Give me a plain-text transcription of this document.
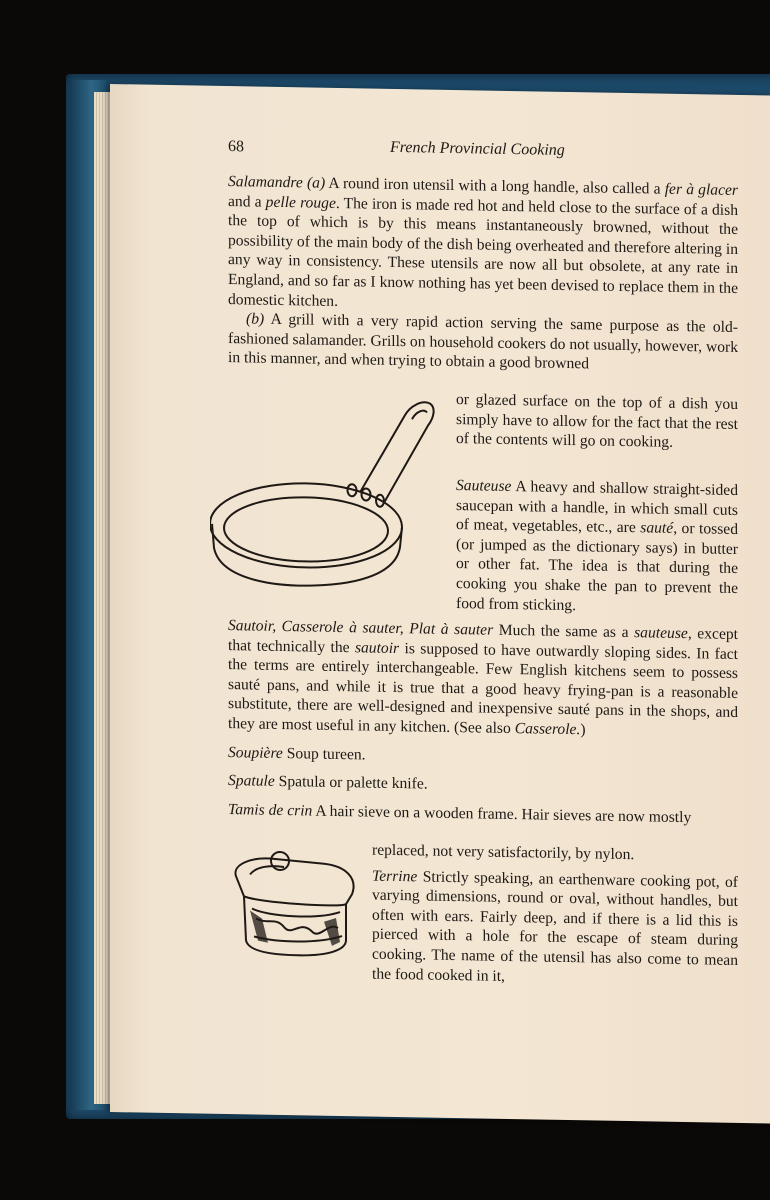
68	French Provincial Cooking

Salamandre (a) A round iron utensil with a long handle, also called a fer à glacer and a pelle rouge. The iron is made red hot and held close to the surface of a dish the top of which is by this means instantaneously browned, without the possibility of the main body of the dish being overheated and therefore altering in any way in consistency. These utensils are now all but obsolete, at any rate in England, and so far as I know nothing has yet been devised to replace them in the domestic kitchen.

(b) A grill with a very rapid action serving the same purpose as the old-fashioned salamander. Grills on household cookers do not usually, however, work in this manner, and when trying to obtain a good browned

or glazed surface on the top of a dish you simply have to allow for the fact that the rest of the contents will go on cooking.

Sauteuse A heavy and shallow straight-sided saucepan with a handle, in which small cuts of meat, vegetables, etc., are sauté, or tossed (or jumped as the dictionary says) in butter or other fat. The idea is that during the cooking you shake the pan to prevent the food from sticking.

Sautoir, Casserole à sauter, Plat à sauter Much the same as a sauteuse, except that technically the sautoir is supposed to have outwardly sloping sides. In fact the terms are entirely interchangeable. Few English kitchens seem to possess sauté pans, and while it is true that a good heavy frying-pan is a reasonable substitute, there are well-designed and inexpensive sauté pans in the shops, and they are most useful in any kitchen. (See also Casserole.)

Soupière Soup tureen.

Spatule Spatula or palette knife.

Tamis de crin A hair sieve on a wooden frame. Hair sieves are now mostly

replaced, not very satisfactorily, by nylon.

Terrine Strictly speaking, an earthenware cooking pot, of varying dimensions, round or oval, without handles, but often with ears. Fairly deep, and if there is a lid this is pierced with a hole for the escape of steam during cooking. The name of the utensil has also come to mean the food cooked in it,
